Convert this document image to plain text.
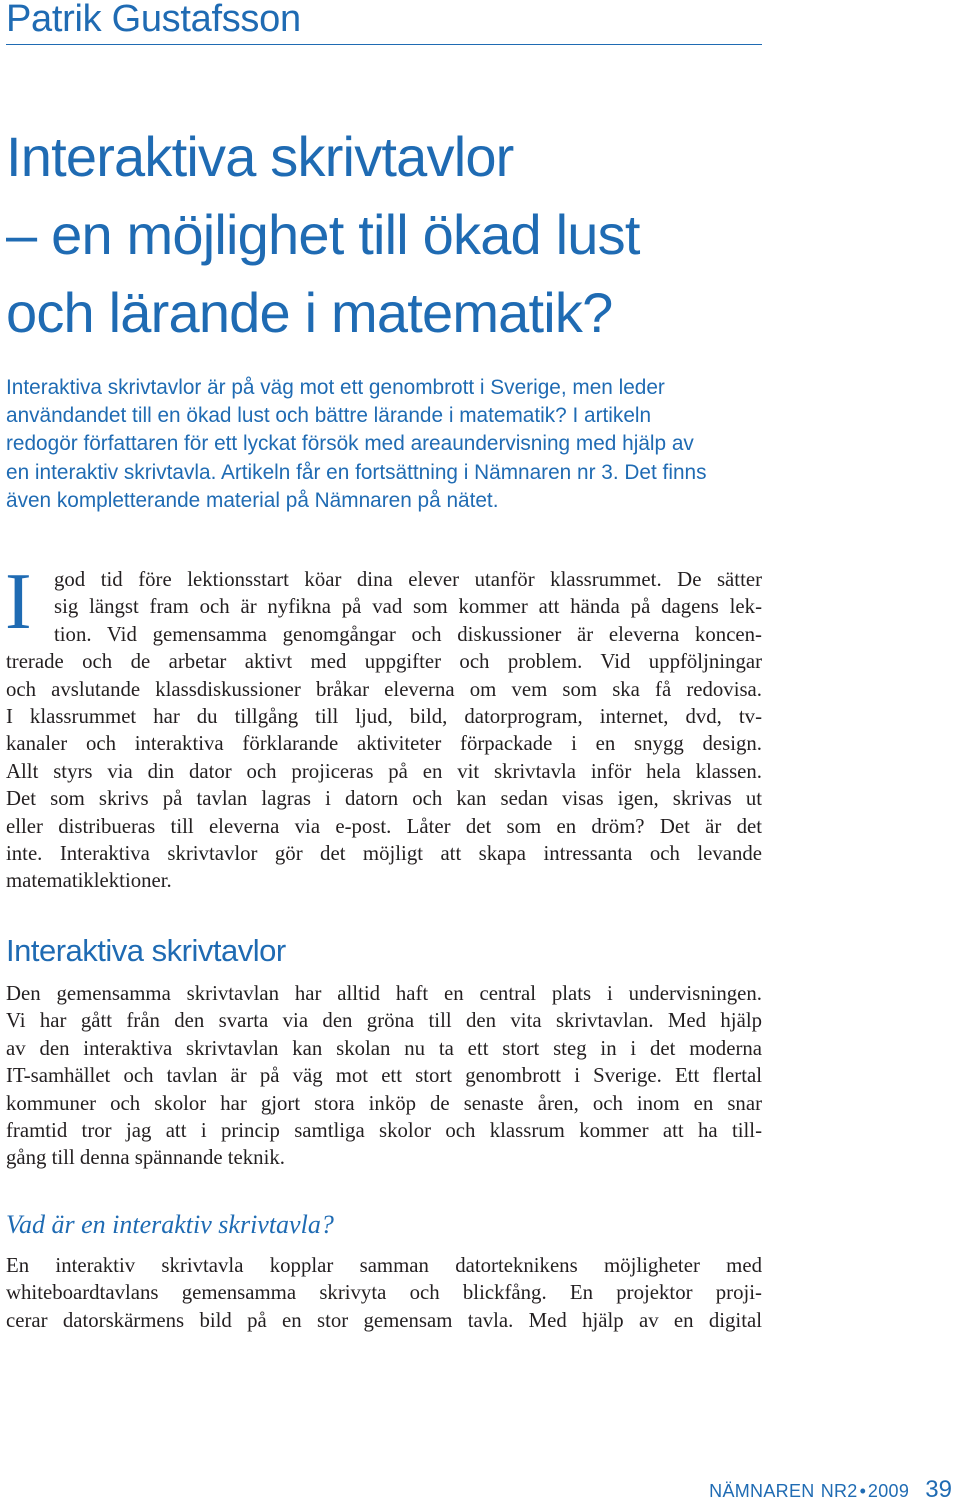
Patrik Gustafsson
Interaktiva skrivtavlor
– en möjlighet till ökad lust
och lärande i matematik?
Interaktiva skrivtavlor är på väg mot ett genombrott i Sverige, men leder
användandet till en ökad lust och bättre lärande i matematik? I artikeln
redogör författaren för ett lyckat försök med areaundervisning med hjälp av
en interaktiv skrivtavla. Artikeln får en fortsättning i Nämnaren nr 3. Det finns
även kompletterande material på Nämnaren på nätet.
I	god tid före lektionsstart köar dina elever utanför klassrummet. De sätter
sig längst fram och är nyfikna på vad som kommer att hända på dagens lek-
tion. Vid gemensamma genomgångar och diskussioner är eleverna koncen-
trerade och de arbetar aktivt med uppgifter och problem. Vid uppföljningar
och avslutande klassdiskussioner bråkar eleverna om vem som ska få redovisa.
I klassrummet har du tillgång till ljud, bild, datorprogram, internet, dvd, tv-
kanaler och interaktiva förklarande aktiviteter förpackade i en snygg design.
Allt styrs via din dator och projiceras på en vit skrivtavla inför hela klassen.
Det som skrivs på tavlan lagras i datorn och kan sedan visas igen, skrivas ut
eller distribueras till eleverna via e-post. Låter det som en dröm? Det är det
inte. Interaktiva skrivtavlor gör det möjligt att skapa intressanta och levande
matematiklektioner.
Interaktiva skrivtavlor
Den gemensamma skrivtavlan har alltid haft en central plats i undervisningen.
Vi har gått från den svarta via den gröna till den vita skrivtavlan. Med hjälp
av den interaktiva skrivtavlan kan skolan nu ta ett stort steg in i det moderna
IT-samhället och tavlan är på väg mot ett stort genombrott i Sverige. Ett flertal
kommuner och skolor har gjort stora inköp de senaste åren, och inom en snar
framtid tror jag att i princip samtliga skolor och klassrum kommer att ha till-
gång till denna spännande teknik.
Vad är en interaktiv skrivtavla?
En interaktiv skrivtavla kopplar samman datorteknikens möjligheter med
whiteboardtavlans gemensamma skrivyta och blickfång. En projektor proji-
cerar datorskärmens bild på en stor gemensam tavla. Med hjälp av en digital
NÄMNAREN NR2 • 2009 39
